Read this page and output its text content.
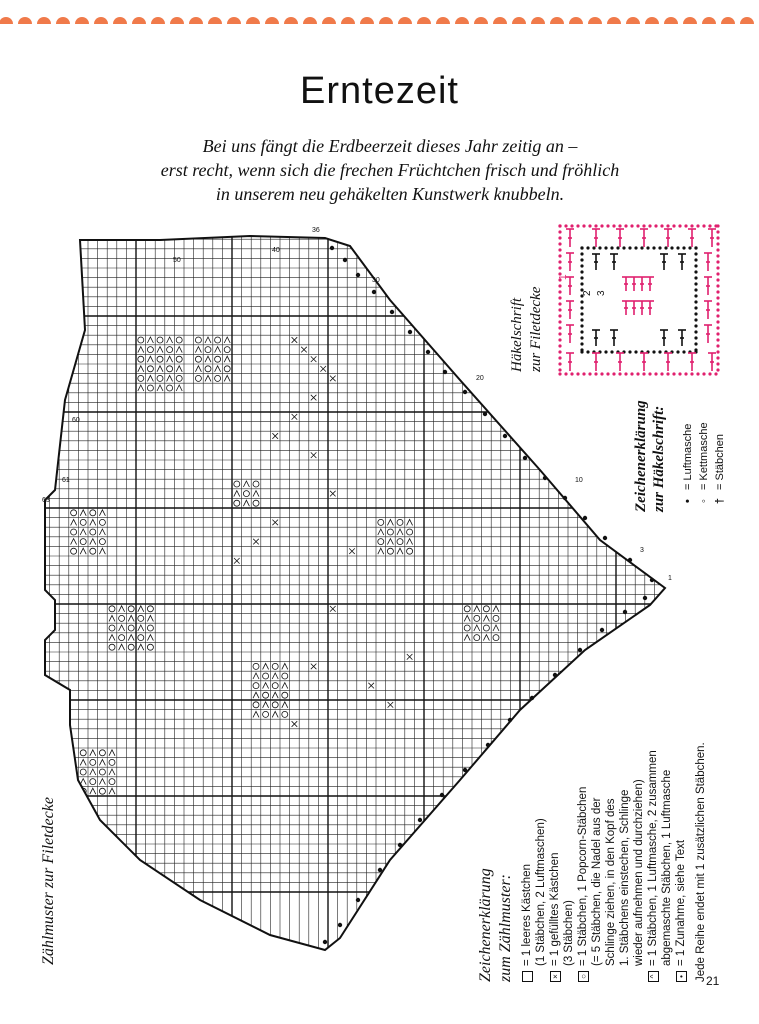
Erntezeit

Bei uns fängt die Erdbeerzeit dieses Jahr zeitig an –
erst recht, wenn sich die frechen Früchtchen frisch und fröhlich
in unserem neu gehäkelten Kunstwerk knubbeln.

1
3
10
20
30
36
40
50
60
61
63
Zählmuster zur Filetdecke
1
2 3
Häkelschrift zur Filetdecke
Zeichenerklärung zur Häkelschrift: •
= Luftmasche
◦
= Kettmasche
†
= Stäbchen
Zeichenerklärung zum Zählmuster: = 1 leeres Kästchen (1 Stäbchen, 2 Luftmaschen)
×
= 1 gefülltes Kästchen (3 Stäbchen)
○
= 1 Stäbchen, 1 Popcorn-Stäbchen (= 5 Stäbchen, die Nadel aus der Schlinge ziehen, in den Kopf des 1. Stäbchens einstechen, Schlinge wieder aufnehmen und durchziehen)
^
= 1 Stäbchen, 1 Luftmasche, 2 zusammen abgemaschte Stäbchen, 1 Luftmasche
•
= 1 Zunahme, siehe Text Jede Reihe endet mit 1 zusätzlichen Stäbchen. 21
